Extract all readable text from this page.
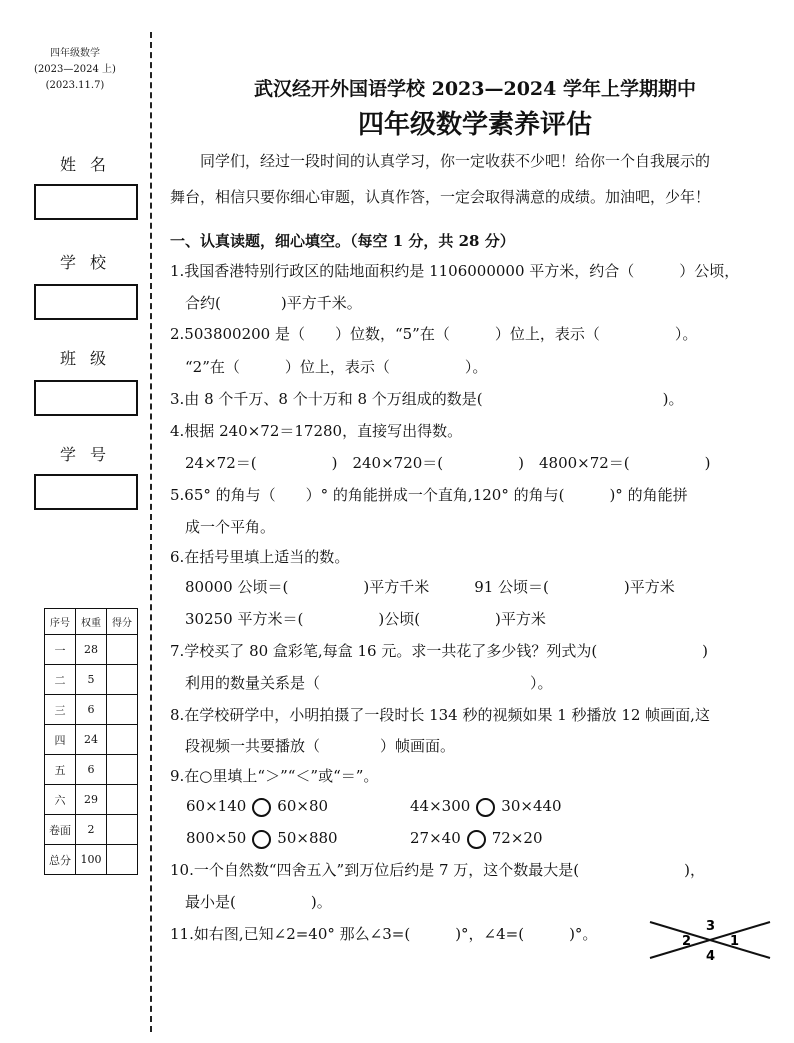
四年级数学
(2023—2024 上)
(2023.11.7)
姓名
学校
班级
学号
序号	权重	得分
一	28	
二	5	
三	6	
四	24	
五	6	
六	29	
卷面	2	
总分	100	
武汉经开外国语学校 2023—2024 学年上学期期中
四年级数学素养评估
同学们，经过一段时间的认真学习，你一定收获不少吧！给你一个自我展示的
舞台，相信只要你细心审题，认真作答，一定会取得满意的成绩。加油吧，少年！
一、认真读题，细心填空。（每空 1 分，共 28 分）
1.我国香港特别行政区的陆地面积约是 1106000000 平方米，约合（　　　）公顷，
　合约(　　　　)平方千米。
2.503800200 是（　　）位数，“5”在（　　　）位上，表示（　　　　　）。
　“2”在（　　　）位上，表示（　　　　　）。
3.由 8 个千万、8 个十万和 8 个万组成的数是(　　　　　　　　　　　　)。
4.根据 240×72＝17280，直接写出得数。
　24×72＝(　　　　　)　240×720＝(　　　　　)　4800×72＝(　　　　　)
5.65° 的角与（　　）° 的角能拼成一个直角,120° 的角与(　　　)° 的角能拼
　成一个平角。
6.在括号里填上适当的数。
　80000 公顷＝(　　　　　)平方千米　　　91 公顷＝(　　　　　)平方米
　30250 平方米＝(　　　　　)公顷(　　　　　)平方米
7.学校买了 80 盒彩笔,每盒 16 元。求一共花了多少钱？列式为(　　　　　　　)
　利用的数量关系是（　　　　　　　　　　　　　　）。
8.在学校研学中，小明拍摄了一段时长 134 秒的视频如果 1 秒播放 12 帧画面,这
　段视频一共要播放（　　　　）帧画面。
9.在○里填上“＞”“＜”或“＝”。
60×140 60×80	44×300 30×440
800×50 50×880	27×40 72×20
10.一个自然数“四舍五入”到万位后约是 7 万，这个数最大是(　　　　　　　)，
　最小是(　　　　　)。
11.如右图,已知∠2=40° 那么∠3=(　　　)°，∠4=(　　　)°。	3
2	1
4
